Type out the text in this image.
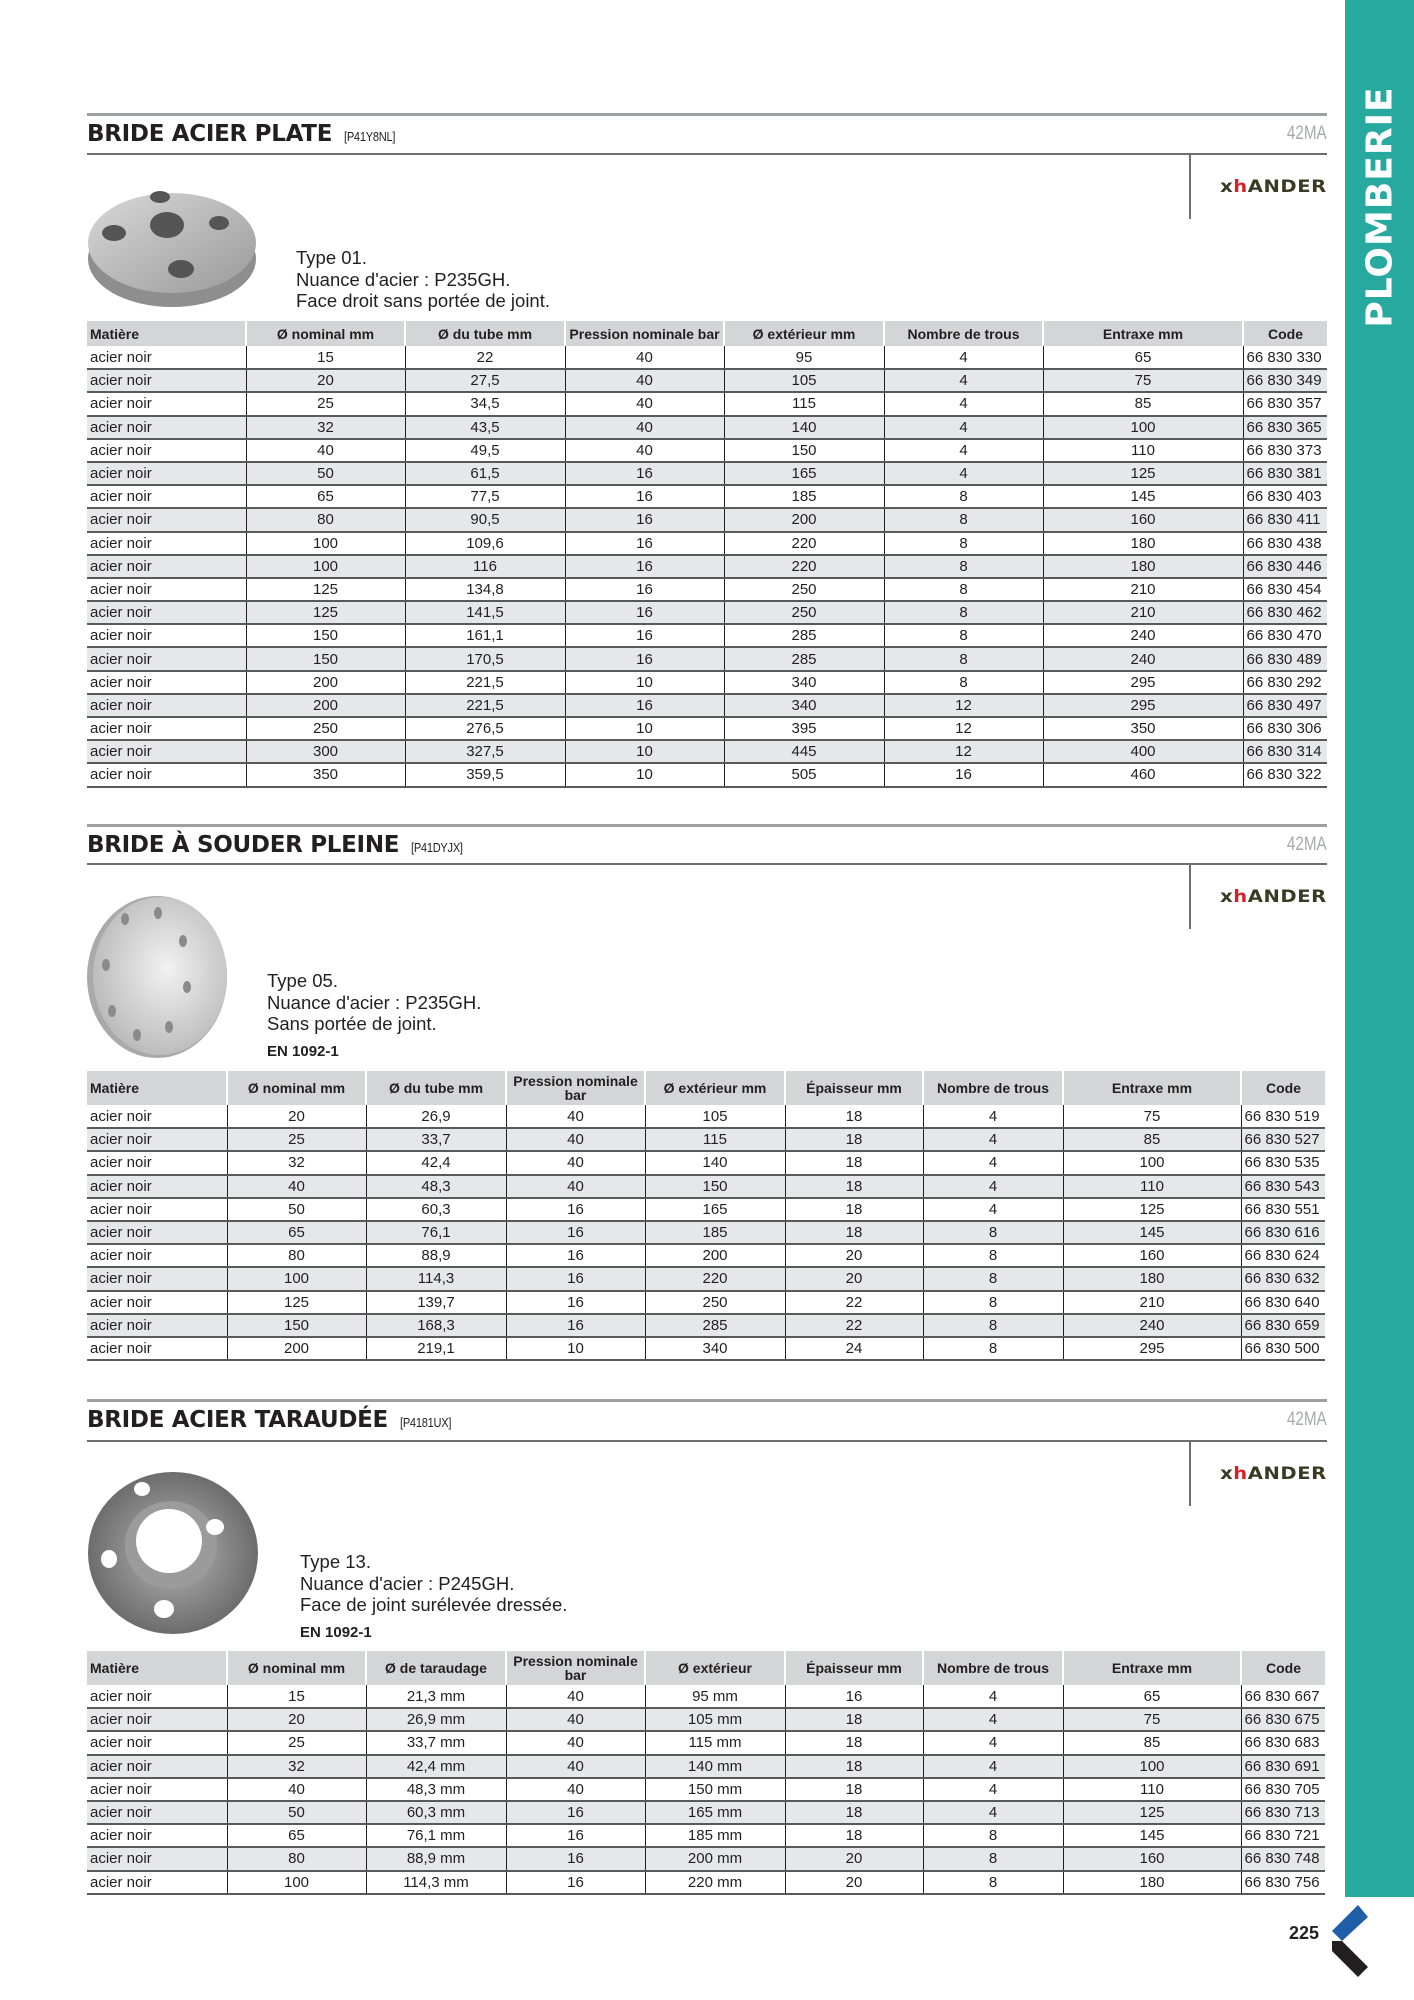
PLOMBERIE
BRIDE ACIER PLATE [P41Y8NL]	42MA
xhANDER
Type 01.
Nuance d'acier : P235GH.
Face droit sans portée de joint.
Matière	Ø nominal mm	Ø du tube mm	Pression nominale bar	Ø extérieur mm	Nombre de trous	Entraxe mm	Code
acier noir	15	22	40	95	4	65	66 830 330
acier noir	20	27,5	40	105	4	75	66 830 349
acier noir	25	34,5	40	115	4	85	66 830 357
acier noir	32	43,5	40	140	4	100	66 830 365
acier noir	40	49,5	40	150	4	110	66 830 373
acier noir	50	61,5	16	165	4	125	66 830 381
acier noir	65	77,5	16	185	8	145	66 830 403
acier noir	80	90,5	16	200	8	160	66 830 411
acier noir	100	109,6	16	220	8	180	66 830 438
acier noir	100	116	16	220	8	180	66 830 446
acier noir	125	134,8	16	250	8	210	66 830 454
acier noir	125	141,5	16	250	8	210	66 830 462
acier noir	150	161,1	16	285	8	240	66 830 470
acier noir	150	170,5	16	285	8	240	66 830 489
acier noir	200	221,5	10	340	8	295	66 830 292
acier noir	200	221,5	16	340	12	295	66 830 497
acier noir	250	276,5	10	395	12	350	66 830 306
acier noir	300	327,5	10	445	12	400	66 830 314
acier noir	350	359,5	10	505	16	460	66 830 322
BRIDE À SOUDER PLEINE [P41DYJX]	42MA
xhANDER
Type 05.
Nuance d'acier : P235GH.
Sans portée de joint.
EN 1092-1
Matière	Ø nominal mm	Ø du tube mm	Pression nominale bar	Ø extérieur mm	Épaisseur mm	Nombre de trous	Entraxe mm	Code
acier noir	20	26,9	40	105	18	4	75	66 830 519
acier noir	25	33,7	40	115	18	4	85	66 830 527
acier noir	32	42,4	40	140	18	4	100	66 830 535
acier noir	40	48,3	40	150	18	4	110	66 830 543
acier noir	50	60,3	16	165	18	4	125	66 830 551
acier noir	65	76,1	16	185	18	8	145	66 830 616
acier noir	80	88,9	16	200	20	8	160	66 830 624
acier noir	100	114,3	16	220	20	8	180	66 830 632
acier noir	125	139,7	16	250	22	8	210	66 830 640
acier noir	150	168,3	16	285	22	8	240	66 830 659
acier noir	200	219,1	10	340	24	8	295	66 830 500
BRIDE ACIER TARAUDÉE [P4181UX]	42MA
xhANDER
Type 13.
Nuance d'acier : P245GH.
Face de joint surélevée dressée.
EN 1092-1
Matière	Ø nominal mm	Ø de taraudage	Pression nominale bar	Ø extérieur	Épaisseur mm	Nombre de trous	Entraxe mm	Code
acier noir	15	21,3 mm	40	95 mm	16	4	65	66 830 667
acier noir	20	26,9 mm	40	105 mm	18	4	75	66 830 675
acier noir	25	33,7 mm	40	115 mm	18	4	85	66 830 683
acier noir	32	42,4 mm	40	140 mm	18	4	100	66 830 691
acier noir	40	48,3 mm	40	150 mm	18	4	110	66 830 705
acier noir	50	60,3 mm	16	165 mm	18	4	125	66 830 713
acier noir	65	76,1 mm	16	185 mm	18	8	145	66 830 721
acier noir	80	88,9 mm	16	200 mm	20	8	160	66 830 748
acier noir	100	114,3 mm	16	220 mm	20	8	180	66 830 756
225
